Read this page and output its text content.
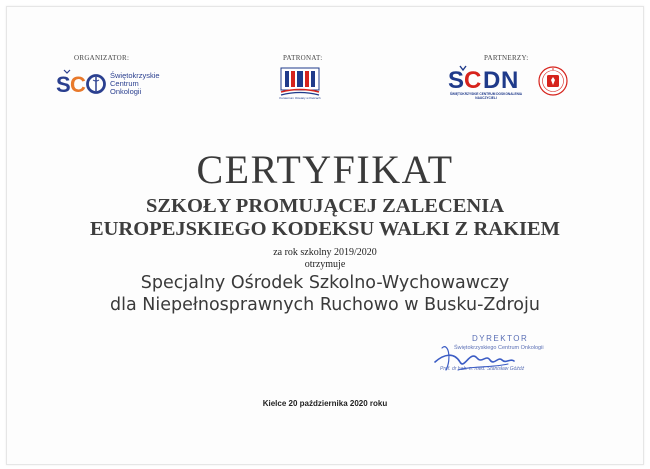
ORGANIZATOR:	PATRONAT:	PARTNERZY:
S C	Świętokrzyskie
Centrum
Onkologii
Kuratorium Oświaty w Kielcach
S C D N
ŚWIĘTOKRZYSKIE CENTRUM DOSKONALENIA NAUCZYCIELI
CERTYFIKAT
SZKOŁY PROMUJĄCEJ ZALECENIA
EUROPEJSKIEGO KODEKSU WALKI Z RAKIEM
za rok szkolny 2019/2020
otrzymuje
Specjalny Ośrodek Szkolno-Wychowawczy
dla Niepełnosprawnych Ruchowo w Busku-Zdroju
DYREKTOR
Świętokrzyskiego Centrum Onkologii
Prof. dr hab. n. med. Stanisław Góźdź
Kielce 20 października 2020 roku
